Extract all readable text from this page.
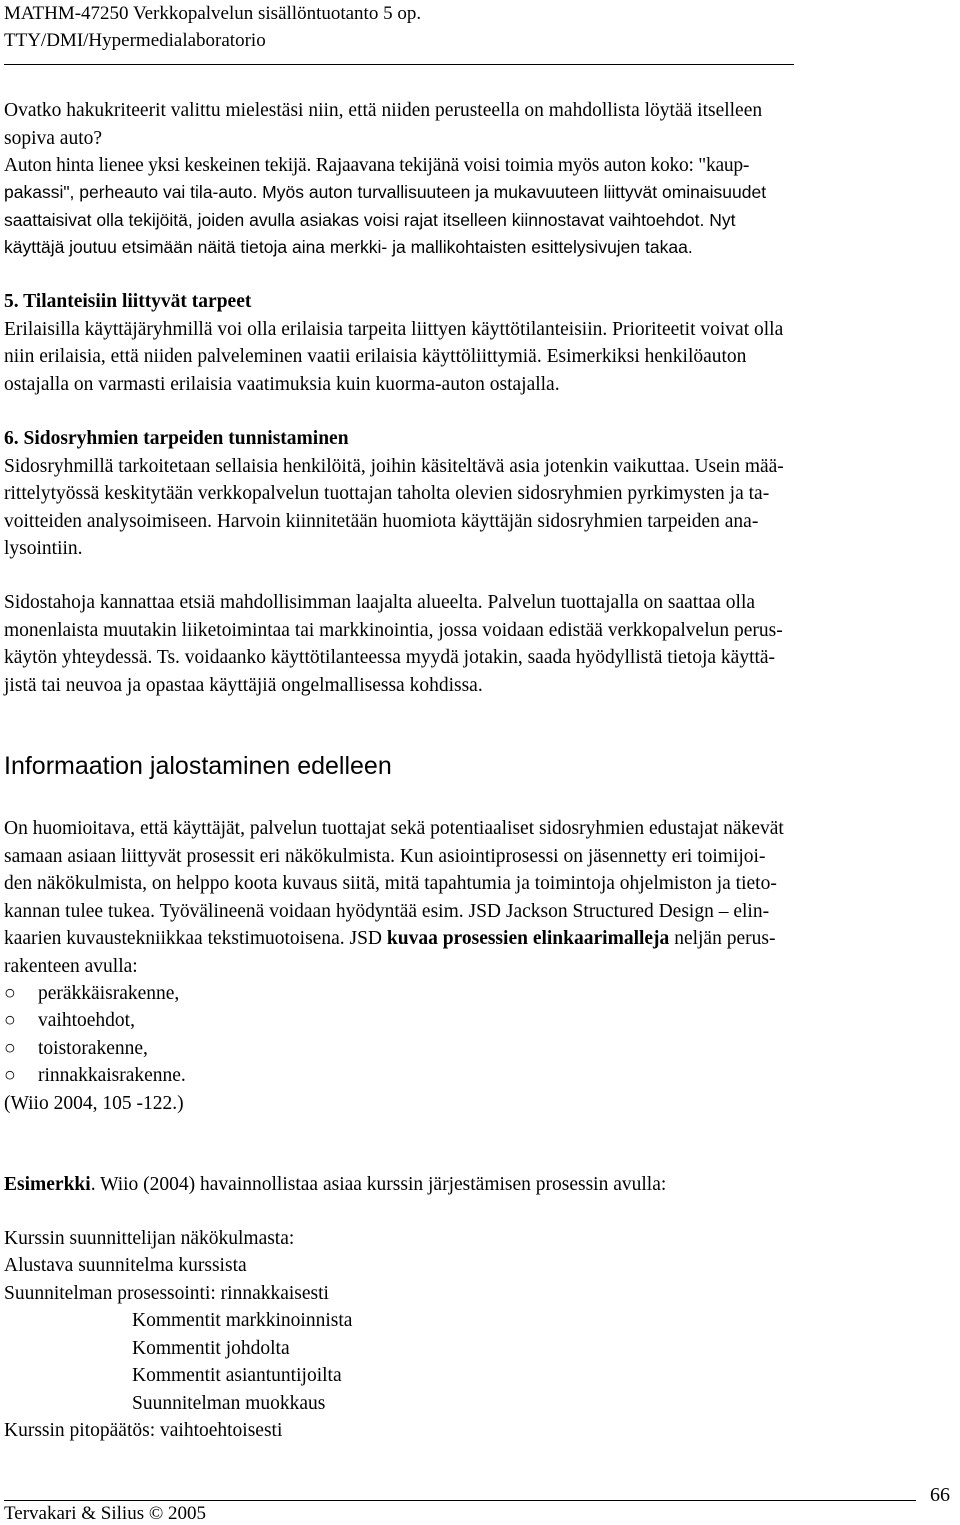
MATHM-47250 Verkkopalvelun sisällöntuotanto 5 op.
TTY/DMI/Hypermedialaboratorio
Ovatko hakukriteerit valittu mielestäsi niin, että niiden perusteella on mahdollista löytää itselleen
sopiva auto?
Auton hinta lienee yksi keskeinen tekijä. Rajaavana tekijänä voisi toimia myös auton koko: "kaup-
pakassi", perheauto vai tila-auto. Myös auton turvallisuuteen ja mukavuuteen liittyvät ominaisuudet
saattaisivat olla tekijöitä, joiden avulla asiakas voisi rajat itselleen kiinnostavat vaihtoehdot. Nyt
käyttäjä joutuu etsimään näitä tietoja aina merkki- ja mallikohtaisten esittelysivujen takaa.
5. Tilanteisiin liittyvät tarpeet
Erilaisilla käyttäjäryhmillä voi olla erilaisia tarpeita liittyen käyttötilanteisiin. Prioriteetit voivat olla
niin erilaisia, että niiden palveleminen vaatii erilaisia käyttöliittymiä. Esimerkiksi henkilöauton
ostajalla on varmasti erilaisia vaatimuksia kuin kuorma-auton ostajalla.
6. Sidosryhmien tarpeiden tunnistaminen
Sidosryhmillä tarkoitetaan sellaisia henkilöitä, joihin käsiteltävä asia jotenkin vaikuttaa. Usein mää-
rittelytyössä keskitytään verkkopalvelun tuottajan taholta olevien sidosryhmien pyrkimysten ja ta-
voitteiden analysoimiseen. Harvoin kiinnitetään huomiota käyttäjän sidosryhmien tarpeiden ana-
lysointiin.
Sidostahoja kannattaa etsiä mahdollisimman laajalta alueelta. Palvelun tuottajalla on saattaa olla
monenlaista muutakin liiketoimintaa tai markkinointia, jossa voidaan edistää verkkopalvelun perus-
käytön yhteydessä. Ts. voidaanko käyttötilanteessa myydä jotakin, saada hyödyllistä tietoja käyttä-
jistä tai neuvoa ja opastaa käyttäjiä ongelmallisessa kohdissa.
Informaation jalostaminen edelleen
On huomioitava, että käyttäjät, palvelun tuottajat sekä potentiaaliset sidosryhmien edustajat näkevät
samaan asiaan liittyvät prosessit eri näkökulmista. Kun asiointiprosessi on jäsennetty eri toimijoi-
den näkökulmista, on helppo koota kuvaus siitä, mitä tapahtumia ja toimintoja ohjelmiston ja tieto-
kannan tulee tukea. Työvälineenä voidaan hyödyntää esim. JSD Jackson Structured Design – elin-
kaarien kuvaustekniikkaa tekstimuotoisena. JSD kuvaa prosessien elinkaarimalleja neljän perus-
rakenteen avulla:
○ peräkkäisrakenne,
○ vaihtoehdot,
○ toistorakenne,
○ rinnakkaisrakenne.
(Wiio 2004, 105 -122.)
Esimerkki. Wiio (2004) havainnollistaa asiaa kurssin järjestämisen prosessin avulla:
Kurssin suunnittelijan näkökulmasta:
Alustava suunnitelma kurssista
Suunnitelman prosessointi: rinnakkaisesti
Kommentit markkinoinnista
Kommentit johdolta
Kommentit asiantuntijoilta
Suunnitelman muokkaus
Kurssin pitopäätös: vaihtoehtoisesti
66
Tervakari & Silius © 2005
